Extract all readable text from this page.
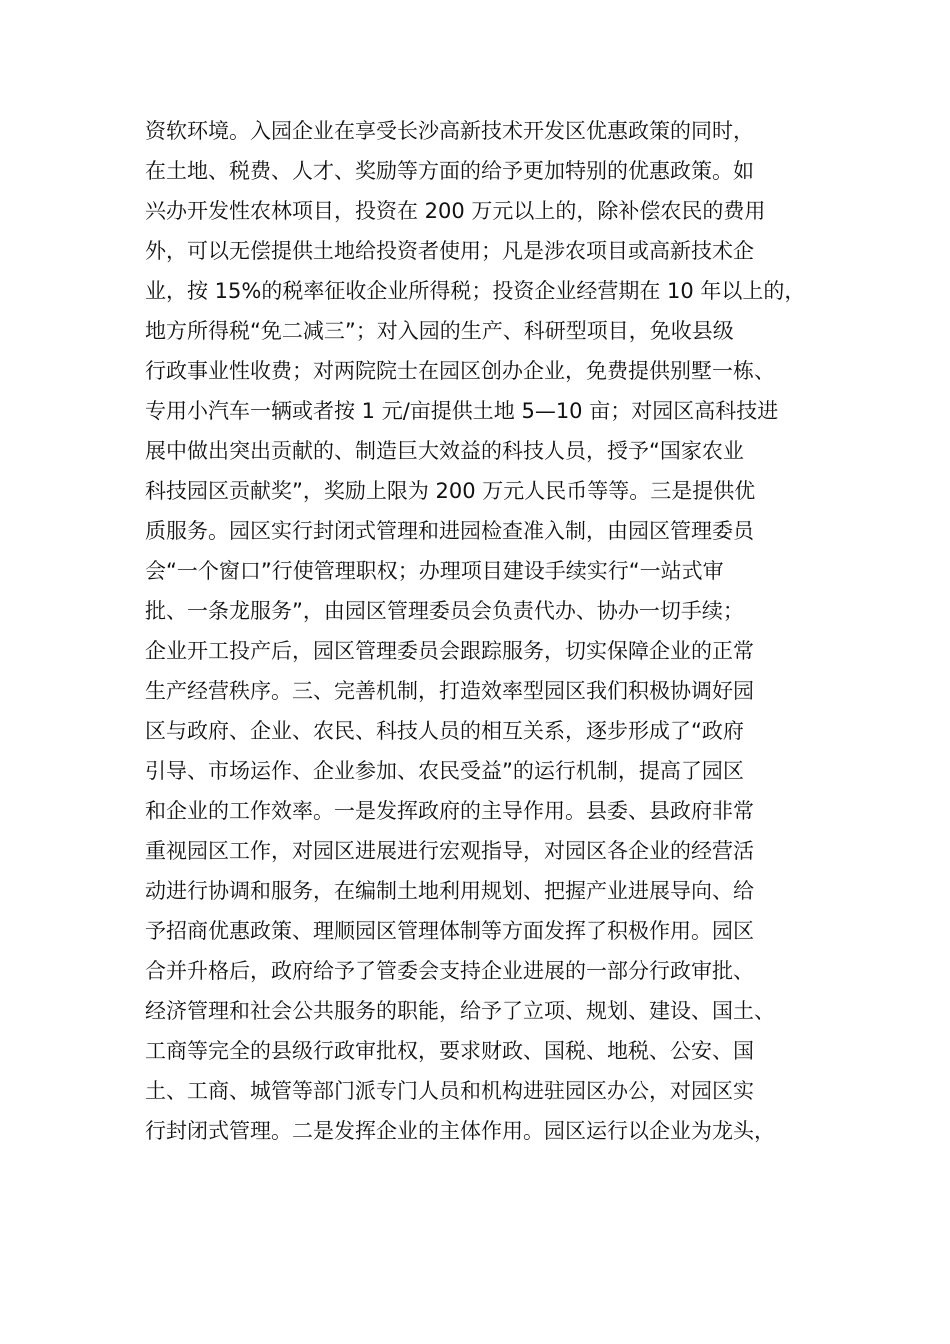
资软环境。入园企业在享受长沙高新技术开发区优惠政策的同时，
在土地、税费、人才、奖励等方面的给予更加特别的优惠政策。如
兴办开发性农林项目，投资在 200 万元以上的，除补偿农民的费用
外，可以无偿提供土地给投资者使用；凡是涉农项目或高新技术企
业，按 15%的税率征收企业所得税；投资企业经营期在 10 年以上的，
地方所得税“免二减三”；对入园的生产、科研型项目，免收县级
行政事业性收费；对两院院士在园区创办企业，免费提供别墅一栋、
专用小汽车一辆或者按 1 元/亩提供土地 5—10 亩；对园区高科技进
展中做出突出贡献的、制造巨大效益的科技人员，授予“国家农业
科技园区贡献奖”，奖励上限为 200 万元人民币等等。三是提供优
质服务。园区实行封闭式管理和进园检查准入制，由园区管理委员
会“一个窗口”行使管理职权；办理项目建设手续实行“一站式审
批、一条龙服务”，由园区管理委员会负责代办、协办一切手续；
企业开工投产后，园区管理委员会跟踪服务，切实保障企业的正常
生产经营秩序。三、完善机制，打造效率型园区我们积极协调好园
区与政府、企业、农民、科技人员的相互关系，逐步形成了“政府
引导、市场运作、企业参加、农民受益”的运行机制，提高了园区
和企业的工作效率。一是发挥政府的主导作用。县委、县政府非常
重视园区工作，对园区进展进行宏观指导，对园区各企业的经营活
动进行协调和服务，在编制土地利用规划、把握产业进展导向、给
予招商优惠政策、理顺园区管理体制等方面发挥了积极作用。园区
合并升格后，政府给予了管委会支持企业进展的一部分行政审批、
经济管理和社会公共服务的职能，给予了立项、规划、建设、国土、
工商等完全的县级行政审批权，要求财政、国税、地税、公安、国
土、工商、城管等部门派专门人员和机构进驻园区办公，对园区实
行封闭式管理。二是发挥企业的主体作用。园区运行以企业为龙头，
